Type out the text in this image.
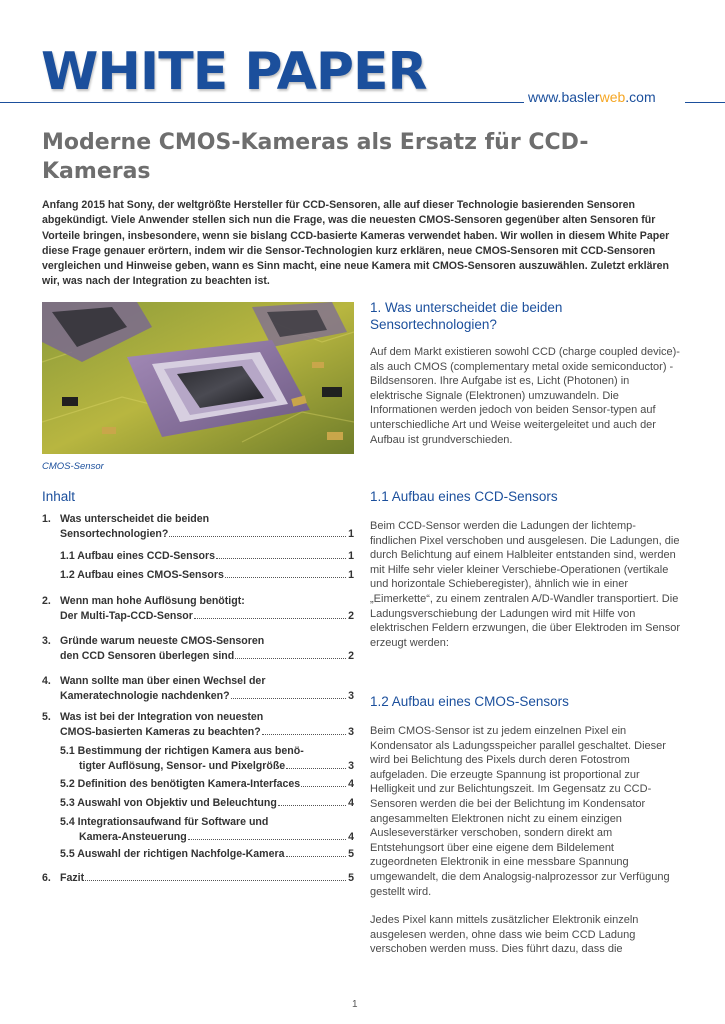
WHITE PAPER	www.baslerweb.com
Moderne CMOS-Kameras als Ersatz für CCD-Kameras

Anfang 2015 hat Sony, der weltgrößte Hersteller für CCD-Sensoren, alle auf dieser Technologie basierenden Sensoren abgekündigt. Viele Anwender stellen sich nun die Frage, was die neuesten CMOS-Sensoren gegenüber alten Sensoren für Vorteile bringen, insbesondere, wenn sie bislang CCD-basierte Kameras verwendet haben. Wir wollen in diesem White Paper diese Frage genauer erörtern, indem wir die Sensor-Technologien kurz erklären, neue CMOS-Sensoren mit CCD-Sensoren vergleichen und Hinweise geben, wann es Sinn macht, eine neue Kamera mit CMOS-Sensoren auszuwählen. Zuletzt erklären wir, was nach der Integration zu beachten ist.

CMOS-Sensor
Inhalt
1. Was unterscheidet die beiden
Sensortechnologien?	1
1.1 Aufbau eines CCD-Sensors	1
1.2 Aufbau eines CMOS-Sensors	1
2. Wenn man hohe Auflösung benötigt:
Der Multi-Tap-CCD-Sensor	2
3. Gründe warum neueste CMOS-Sensoren
den CCD Sensoren überlegen sind	2
4. Wann sollte man über einen Wechsel der
Kameratechnologie nachdenken?	3
5. Was ist bei der Integration von neuesten
CMOS-basierten Kameras zu beachten?	3
5.1 Bestimmung der richtigen Kamera aus benö-
tigter Auflösung, Sensor- und Pixelgröße	3
5.2 Definition des benötigten Kamera-Interfaces	4
5.3 Auswahl von Objektiv und Beleuchtung	4
5.4 Integrationsaufwand für Software und
Kamera-Ansteuerung	4
5.5 Auswahl der richtigen Nachfolge-Kamera	5
6. Fazit	5
1. Was unterscheidet die beiden Sensortechnologien?

Auf dem Markt existieren sowohl CCD (charge coupled device)- als auch CMOS (complementary metal oxide semiconductor) - Bildsensoren. Ihre Aufgabe ist es, Licht (Photonen) in elektrische Signale (Elektronen) umzuwandeln. Die Informationen werden jedoch von beiden Sensor-typen auf unterschiedliche Art und Weise weitergeleitet und auch der Aufbau ist grundverschieden.

1.1 Aufbau eines CCD-Sensors

Beim CCD-Sensor werden die Ladungen der lichtemp-findlichen Pixel verschoben und ausgelesen. Die Ladungen, die durch Belichtung auf einem Halbleiter entstanden sind, werden mit Hilfe sehr vieler kleiner Verschiebe-Operationen (vertikale und horizontale Schieberegister), ähnlich wie in einer „Eimerkette“, zu einem zentralen A/D-Wandler transportiert. Die Ladungsverschiebung der Ladungen wird mit Hilfe von elektrischen Feldern erzwungen, die über Elektroden im Sensor erzeugt werden:

1.2 Aufbau eines CMOS-Sensors

Beim CMOS-Sensor ist zu jedem einzelnen Pixel ein Kondensator als Ladungsspeicher parallel geschaltet. Dieser wird bei Belichtung des Pixels durch deren Fotostrom aufgeladen. Die erzeugte Spannung ist proportional zur Helligkeit und zur Belichtungszeit. Im Gegensatz zu CCD-Sensoren werden die bei der Belichtung im Kondensator angesammelten Elektronen nicht zu einem einzigen Ausleseverstärker verschoben, sondern direkt am Entstehungsort über eine eigene dem Bildelement zugeordneten Elektronik in eine messbare Spannung umgewandelt, die dem Analogsig-nalprozessor zur Verfügung gestellt wird.

Jedes Pixel kann mittels zusätzlicher Elektronik einzeln ausgelesen werden, ohne dass wie beim CCD Ladung verschoben werden muss. Dies führt dazu, dass die

1
